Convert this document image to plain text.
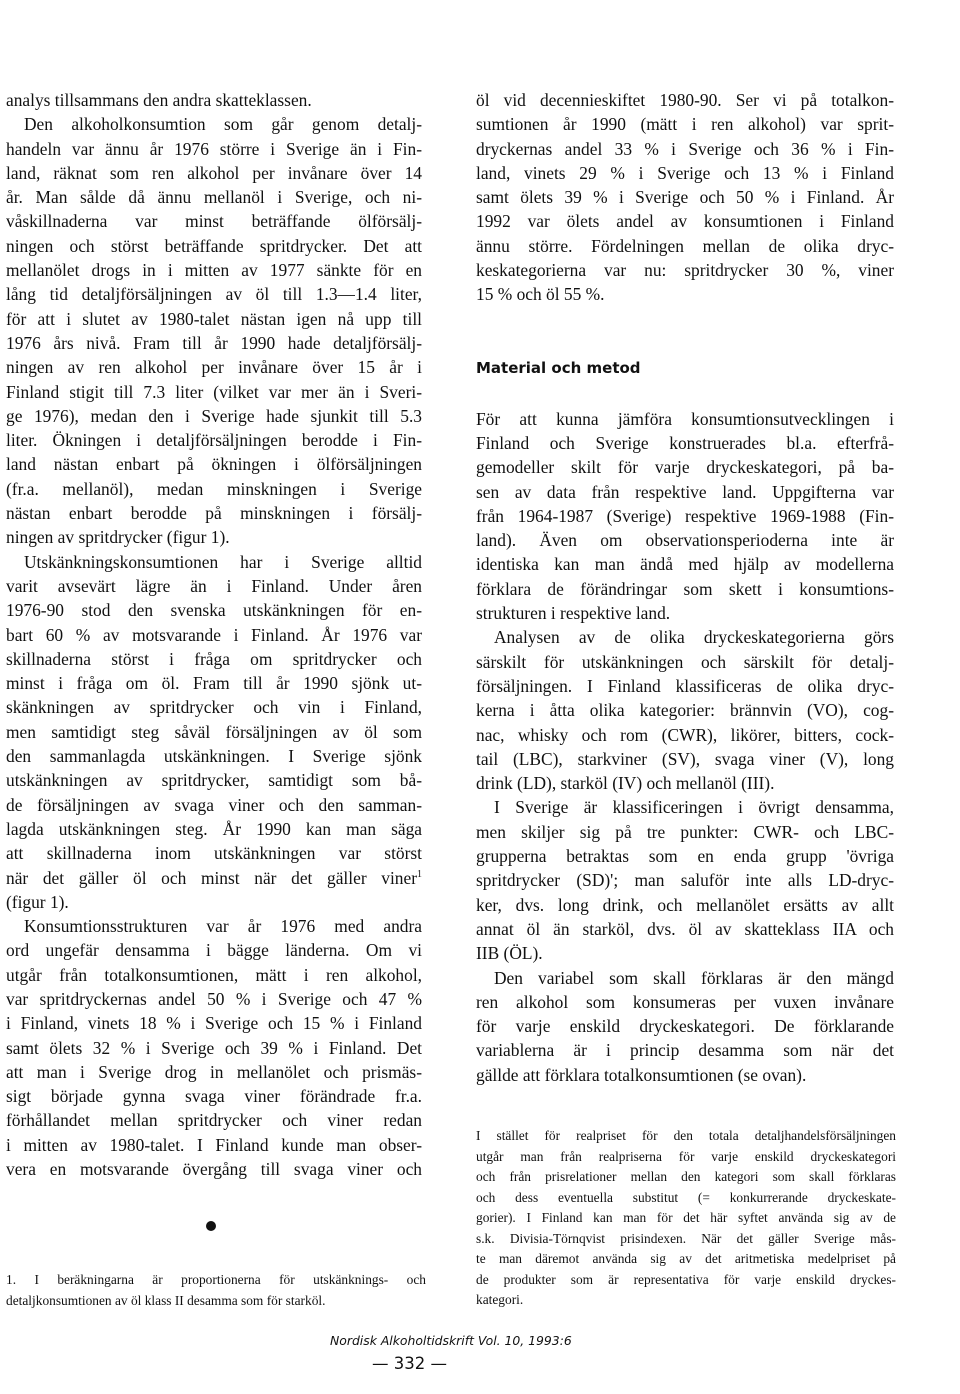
analys tillsammans den andra skatteklassen.
Den alkoholkonsumtion som går genom detalj-
handeln var ännu år 1976 större i Sverige än i Fin-
land, räknat som ren alkohol per invånare över 14
år. Man sålde då ännu mellanöl i Sverige, och ni-
våskillnaderna var minst beträffande ölförsälj-
ningen och störst beträffande spritdrycker. Det att
mellanölet drogs in i mitten av 1977 sänkte för en
lång tid detaljförsäljningen av öl till 1.3—1.4 liter,
för att i slutet av 1980-talet nästan igen nå upp till
1976 års nivå. Fram till år 1990 hade detaljförsälj-
ningen av ren alkohol per invånare över 15 år i
Finland stigit till 7.3 liter (vilket var mer än i Sveri-
ge 1976), medan den i Sverige hade sjunkit till 5.3
liter. Ökningen i detaljförsäljningen berodde i Fin-
land nästan enbart på ökningen i ölförsäljningen
(fr.a. mellanöl), medan minskningen i Sverige
nästan enbart berodde på minskningen i försälj-
ningen av spritdrycker (figur 1).
Utskänkningskonsumtionen har i Sverige alltid
varit avsevärt lägre än i Finland. Under åren
1976-90 stod den svenska utskänkningen för en-
bart 60 % av motsvarande i Finland. År 1976 var
skillnaderna störst i fråga om spritdrycker och
minst i fråga om öl. Fram till år 1990 sjönk ut-
skänkningen av spritdrycker och vin i Finland,
men samtidigt steg såväl försäljningen av öl som
den sammanlagda utskänkningen. I Sverige sjönk
utskänkningen av spritdrycker, samtidigt som bå-
de försäljningen av svaga viner och den samman-
lagda utskänkningen steg. År 1990 kan man säga
att skillnaderna inom utskänkningen var störst
när det gäller öl och minst när det gäller viner$^1$
(figur 1).
Konsumtionsstrukturen var år 1976 med andra
ord ungefär densamma i bägge länderna. Om vi
utgår från totalkonsumtionen, mätt i ren alkohol,
var spritdryckernas andel 50 % i Sverige och 47 %
i Finland, vinets 18 % i Sverige och 15 % i Finland
samt ölets 32 % i Sverige och 39 % i Finland. Det
att man i Sverige drog in mellanölet och prismäs-
sigt började gynna svaga viner förändrade fr.a.
förhållandet mellan spritdrycker och viner redan
i mitten av 1980-talet. I Finland kunde man obser-
vera en motsvarande övergång till svaga viner och
1. I beräkningarna är proportionerna för utskänknings- och
detaljkonsumtionen av öl klass II desamma som för starköl.
öl vid decennieskiftet 1980-90. Ser vi på totalkon-
sumtionen år 1990 (mätt i ren alkohol) var sprit-
dryckernas andel 33 % i Sverige och 36 % i Fin-
land, vinets 29 % i Sverige och 13 % i Finland
samt ölets 39 % i Sverige och 50 % i Finland. År
1992 var ölets andel av konsumtionen i Finland
ännu större. Fördelningen mellan de olika dryc-
keskategorierna var nu: spritdrycker 30 %, viner
15 % och öl 55 %.
Material och metod
För att kunna jämföra konsumtionsutvecklingen i
Finland och Sverige konstruerades bl.a. efterfrå-
gemodeller skilt för varje dryckeskategori, på ba-
sen av data från respektive land. Uppgifterna var
från 1964-1987 (Sverige) respektive 1969-1988 (Fin-
land). Även om observationsperioderna inte är
identiska kan man ändå med hjälp av modellerna
förklara de förändringar som skett i konsumtions-
strukturen i respektive land.
Analysen av de olika dryckeskategorierna görs
särskilt för utskänkningen och särskilt för detalj-
försäljningen. I Finland klassificeras de olika dryc-
kerna i åtta olika kategorier: brännvin (VO), cog-
nac, whisky och rom (CWR), likörer, bitters, cock-
tail (LBC), starkviner (SV), svaga viner (V), long
drink (LD), starköl (IV) och mellanöl (III).
I Sverige är klassificeringen i övrigt densamma,
men skiljer sig på tre punkter: CWR- och LBC-
grupperna betraktas som en enda grupp 'övriga
spritdrycker (SD)'; man saluför inte alls LD-dryc-
ker, dvs. long drink, och mellanölet ersätts av allt
annat öl än starköl, dvs. öl av skatteklass IIA och
IIB (ÖL).
Den variabel som skall förklaras är den mängd
ren alkohol som konsumeras per vuxen invånare
för varje enskild dryckeskategori. De förklarande
variablerna är i princip desamma som när det
gällde att förklara totalkonsumtionen (se ovan).
I stället för realpriset för den totala detaljhandelsförsäljningen
utgår man från realpriserna för varje enskild dryckeskategori
och från prisrelationer mellan den kategori som skall förklaras
och dess eventuella substitut (= konkurrerande dryckeskate-
gorier). I Finland kan man för det här syftet använda sig av de
s.k. Divisia-Törnqvist prisindexen. När det gäller Sverige mås-
te man däremot använda sig av det aritmetiska medelpriset på
de produkter som är representativa för varje enskild dryckes-
kategori.
Nordisk Alkoholtidskrift Vol. 10, 1993:6
— 332 —
